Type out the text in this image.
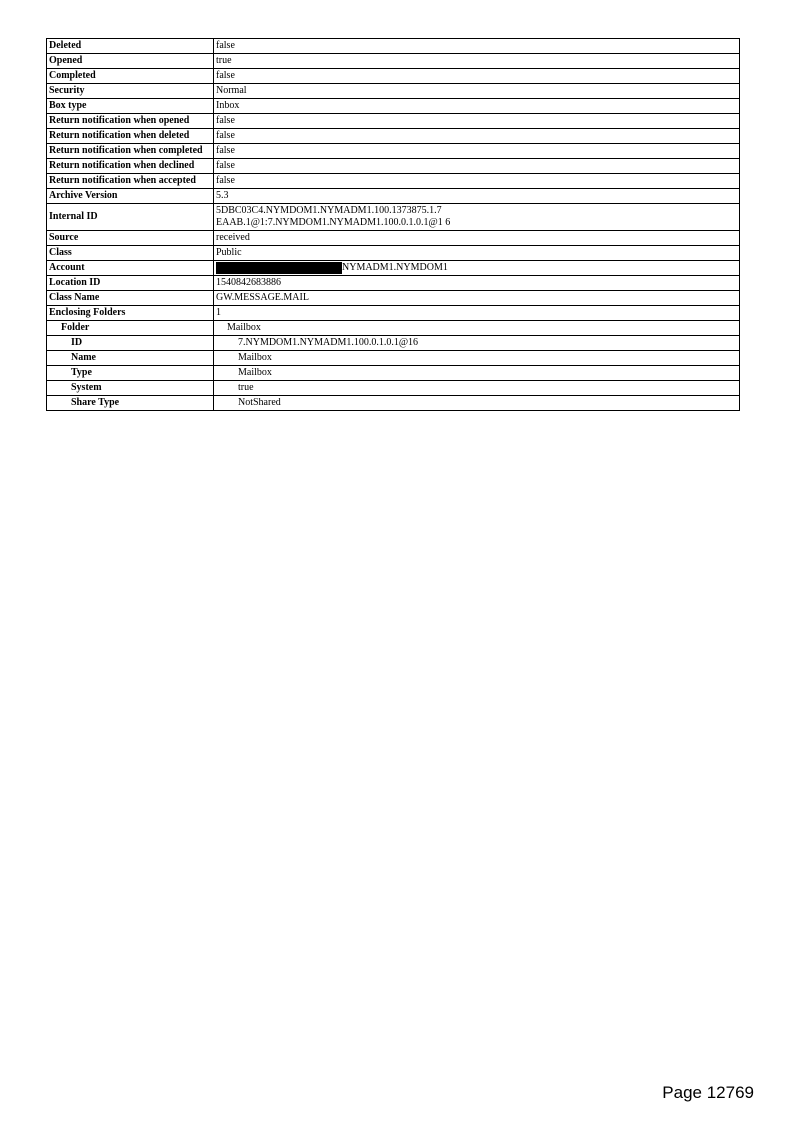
Deleted	false
Opened	true
Completed	false
Security	Normal
Box type	Inbox
Return notification when opened	false
Return notification when deleted	false
Return notification when completed	false
Return notification when declined	false
Return notification when accepted	false
Archive Version	5.3
Internal ID	5DBC03C4.NYMDOM1.NYMADM1.100.1373875.1.7
EAAB.1@1:7.NYMDOM1.NYMADM1.100.0.1.0.1@1 6

Source	received
Class	Public
Account	NYMADM1.NYMDOM1
Location ID	1540842683886
Class Name	GW.MESSAGE.MAIL
Enclosing Folders	1
Folder	Mailbox
ID	7.NYMDOM1.NYMADM1.100.0.1.0.1@16
Name	Mailbox
Type	Mailbox
System	true
Share Type	NotShared
Page 12769
